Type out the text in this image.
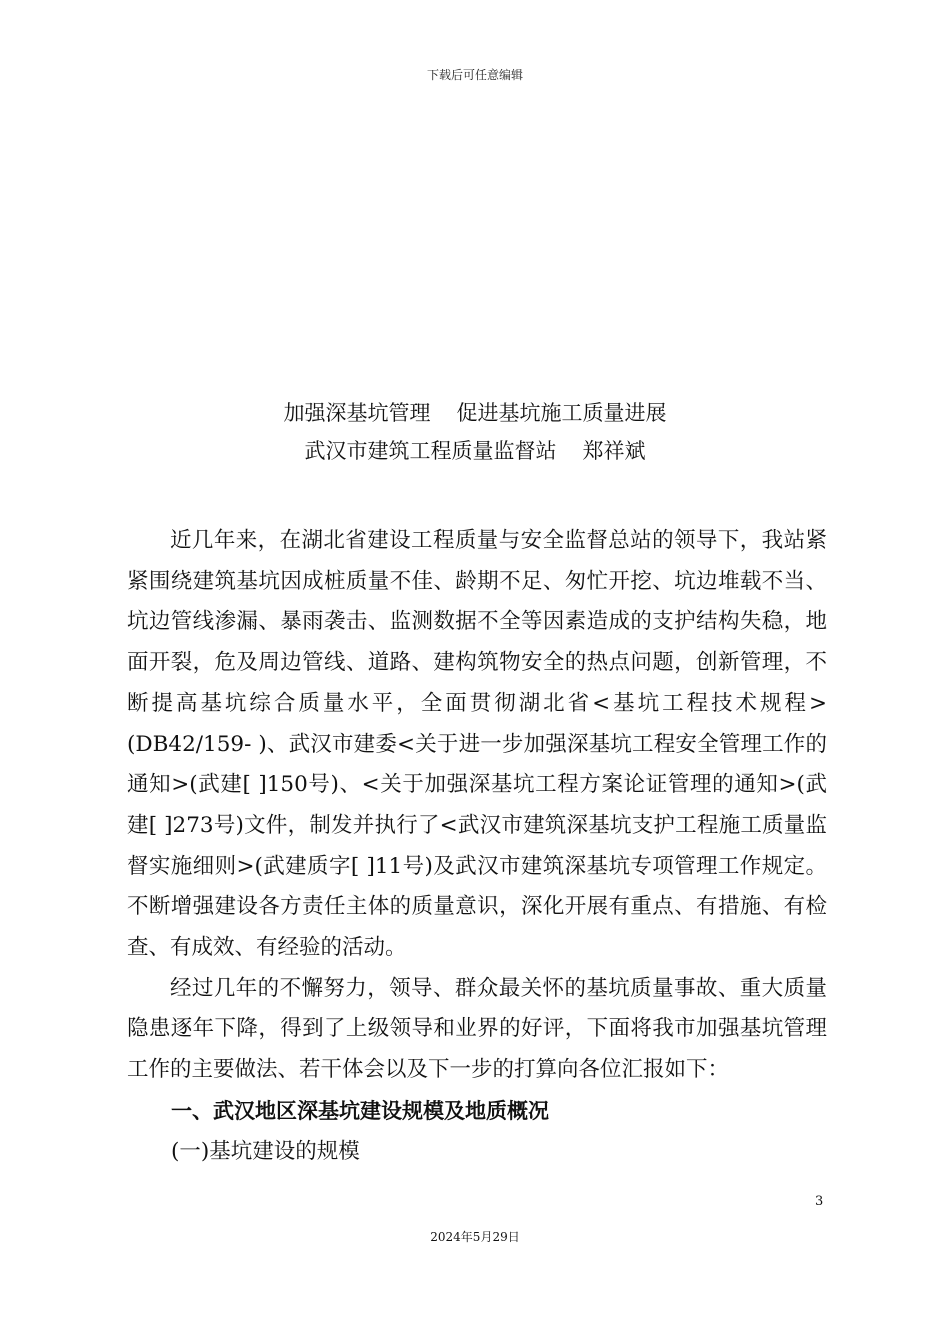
下载后可任意编辑
加强深基坑管理 促进基坑施工质量进展
武汉市建筑工程质量监督站 郑祥斌

近几年来，在湖北省建设工程质量与安全监督总站的领导下，我站紧紧围绕建筑基坑因成桩质量不佳、龄期不足、匆忙开挖、坑边堆载不当、坑边管线渗漏、暴雨袭击、监测数据不全等因素造成的支护结构失稳，地面开裂，危及周边管线、道路、建构筑物安全的热点问题，创新管理，不断提高基坑综合质量水平，全面贯彻湖北省<基坑工程技术规程>(DB42/159- )、武汉市建委<关于进一步加强深基坑工程安全管理工作的通知>(武建[ ]150号)、<关于加强深基坑工程方案论证管理的通知>(武建[ ]273号)文件，制发并执行了<武汉市建筑深基坑支护工程施工质量监督实施细则>(武建质字[ ]11号)及武汉市建筑深基坑专项管理工作规定。不断增强建设各方责任主体的质量意识，深化开展有重点、有措施、有检查、有成效、有经验的活动。

经过几年的不懈努力，领导、群众最关怀的基坑质量事故、重大质量隐患逐年下降，得到了上级领导和业界的好评，下面将我市加强基坑管理工作的主要做法、若干体会以及下一步的打算向各位汇报如下：

一、武汉地区深基坑建设规模及地质概况

(一)基坑建设的规模

3
2024年5月29日
